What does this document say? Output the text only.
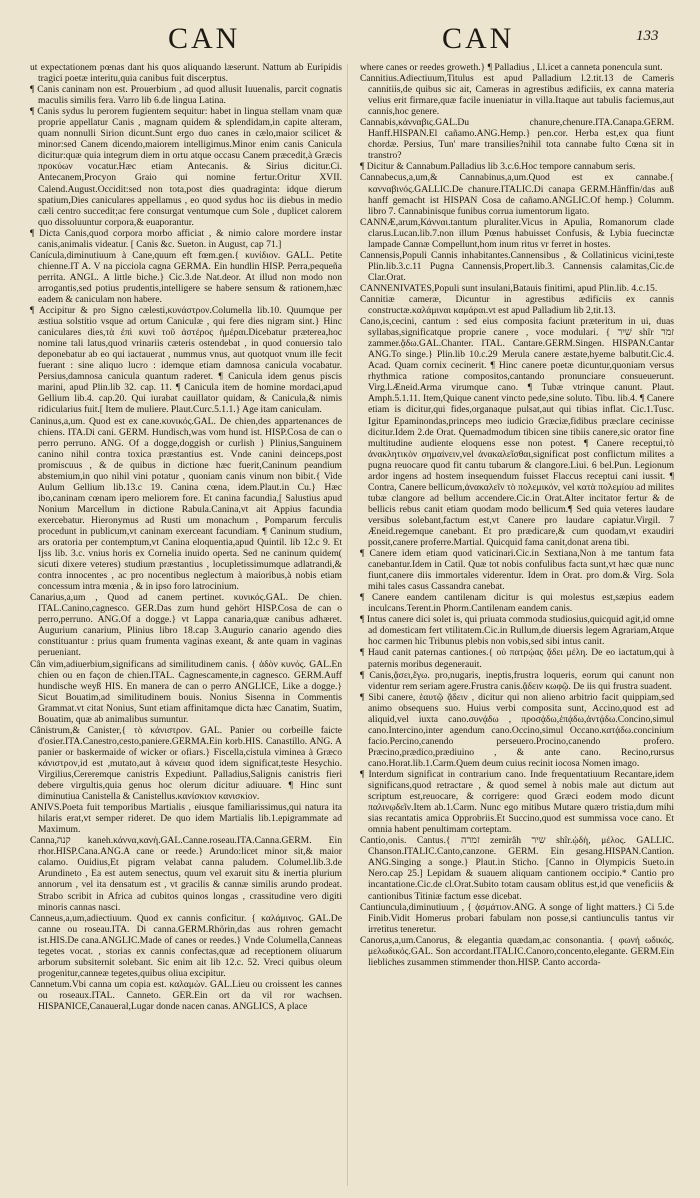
CAN	CAN	133

ut expectationem pœnas dant his quos aliquando læserunt. Nattum ab Euripidis tragici poetæ interitu,quia canibus fuit discerptus.

¶ Canis caninam non est. Prouerbium , ad quod allusit Iuuenalis, parcit cognatis maculis similis fera. Varro lib 6.de lingua Latina.

¶ Canis sydus lu perorem fugientem sequitur: habet in lingua stellam vnam quæ proprie appellatur Canis , magnam quidem & splendidam,in capite alteram, quam nonnulli Sirion dicunt.Sunt ergo duo canes in cælo,maior scilicet & minor:sed Canem dicendo,maiorem intelligimus.Minor enim canis Canicula dicitur:quæ quia integrum diem in ortu atque occasu Canem præcedit,à Græcis προκύων vocatur.Hæc etiam Antecanis. & Sirius dicitur.Ci. Antecanem,Procyon Graio qui nomine fertur.Oritur XVII. Calend.August.Occidit:sed non tota,post dies quadraginta: idque dierum spatium,Dies caniculares appellamus , eo quod sydus hoc iis diebus in medio cæli centro succedit;ac fere consurgat ventumque cum Sole , duplicet calorem quo dissoluuntur corpora,& euaporantur.

¶ Dicta Canis,quod corpora morbo afficiat , & nimio calore mordere instar canis,animalis videatur. [ Canis &c. Sueton. in August, cap 71.]

Canícula,diminutiuum à Cane,quum eft fœm.gen.{ κυνίδιον. GALL. Petite chienne.IT A. V na picciola cagna GERMA. Ein hundlin HISP. Perra,pequeña perrita. ANGL. A little biche.} Cic.3.de Nat.deor. At illud non modo non arrogantis,sed potius prudentis,intelligere se habere sensum & rationem,hæc eadem & caniculam non habere.

¶ Accipitur & pro Signo cælesti,κυνάστρον.Columella lib.10. Quumque per æstiua solstitio vsque ad ortum Caniculæ , qui fere dies nigram sint.} Hinc caniculares dies,τὰ ἐπὶ κυνὶ τοῦ ἀστέρος ἡμέραι.Dicebatur præterea,hoc nomine tali latus,quod vrinariis cæteris ostendebat , in quod conuersio talo deponebatur ab eo qui iactauerat , nummus vnus, aut quotquot vnum ille fecit fuerant : sine aliquo lucro : idemque etiam damnosa canicula vocabatur. Persius,damnosa canicula quantum raderet. ¶ Canicula idem genus piscis marini, apud Plin.lib 32. cap. 11. ¶ Canicula item de homine mordaci,apud Gellium lib.4. cap.20. Qui iurabat cauillator quidam, & Canicula,& nimis ridicularius fuit.[ Item de muliere. Plaut.Curc.5.1.1.} Age itam caniculam.

Caninus,a,um. Quod est ex cane.κυνικός.GAL. De chien,des appartenances de chiens. ITA.Di cani. GERM. Hundisch,was vom hund ist. HISP.Cosa de can o perro perruno. ANG. Of a dogge,doggish or curlish } Plinius,Sanguinem canino nihil contra toxica præstantius est. Vnde canini deinceps,post promiscuus , & de quibus in dictione hæc fuerit,Caninum peandium abstemium,in quo nihil vini potatur , quoniam canis vinum non bibit.{ Vide Aulum Gellium lib.13.c 19. Canina cœna, idem.Plaut.in Cu.} Hæc ibo,caninam cœnam ipero meliorem fore. Et canina facundia,[ Salustius apud Nonium Marcellum in dictione Rabula.Canina,vt ait Appius facundia exercebatur. Hieronymus ad Rusti um monachum , Pomparum ferculis procedunt in publicum,vt caninam exerceant facundiam. ¶ Caninum studium, ars oratoria per contemptum,vt Canina eloquentia,apud Quintil. lib 12.c 9. Et Ijss lib. 3.c. vnius horis ex Cornelia inuido operta. Sed ne caninum quidem( sicuti dixere veteres) studium præstantius , locupletissimumque adlatrandi,& contra innocentes , ac pro nocentibus neglectum à maioribus,à nobis etiam concessum intra mœnia , & in ipso foro latrocinium.

Canarius,a,um , Quod ad canem pertinet. κυνικός.GAL. De chien. ITAL.Canino,cagnesco. GER.Das zum hund gehört HISP.Cosa de can o perro,perruno. ANG.Of a dogge.} vt Lappa canaria,quæ canibus adhæret. Augurium canarium, Plinius libro 18.cap 3.Augurio canario agendo dies constituantur : prius quam frumenta vaginas exeant, & ante quam in vaginas perueniant.

Cân vim,adiuerbium,significans ad similitudinem canis. { ἀδὸν κυνός. GAL.En chien ou en façon de chien.ITAL. Cagnescamente,in cagnesco. GERM.Auff hundische weyß HIS. En manera de can o perro ANGLICE, Like a dogge.} Sicut Bouatim,ad similitudinem bouis. Nonius Sisenna in Commentis Grammat.vt citat Nonius, Sunt etiam affinitamque dicta hæc Canatim, Suatim, Bouatim, quæ ab animalibus sumuntur.

Cânistrum,& Canister,{ τὸ κάνιστρον. GAL. Panier ou corbeille faicte d'osier.ITA.Canestro,cesto,paniere.GERMA.Ein korb.HIS. Canastillo. ANG. A panier or baskermaide of wicker or ofiars.} Fiscella,cistula viminea à Græco κάνιστρον,id est ,mutato,aut à κάνεια quod idem significat,teste Hesychio. Virgilius,Cereremque canistris Expediunt. Palladius,Salignis canistris fieri debere virgultis,quia genus hoc olerum dicitur adiuuare. ¶ Hinc sunt diminutiua Canistella & Canistellus.κανίσκιον κανισκίον.

ANIVS.Poeta fuit temporibus Martialis , eiusque familiarissimus,qui natura ita hilaris erat,vt semper rideret. De quo idem Martialis lib.1.epigrammate ad Maximum.

Canna,קנה kaneh.κάννα,κανὴ.GAL.Canne.roseau.ITA.Canna.GERM. Ein rhor.HISP.Cana.ANG.A cane or reede.} Arundo:licet minor sit,& maior calamo. Ouidius,Et pigram velabat canna paludem. Columel.lib.3.de Arundineto , Ea est autem senectus, quum vel exaruit situ & inertia plurium annorum , vel ita densatum est , vt gracilis & cannæ similis arundo prodeat. Strabo scribit in Africa ad cubitos quinos longas , crassitudine vero digiti minoris cannas nasci.

Canneus,a,um,adiectiuum. Quod ex cannis conficitur. { καλάμινος. GAL.De canne ou roseau.ITA. Di canna.GERM.Rhörin,das aus rohren gemacht ist.HIS.De cana.ANGLIC.Made of canes or reedes.} Vnde Columella,Canneas tegetes vocat. , storias ex cannis confectas,quæ ad receptionem oliuarum arborum subsiternit solebant. Sic enim ait lib 12.c. 52. Vreci quibus oleum progenitur,canneæ tegetes,quibus oliua excipitur.

Cannetum.Vbi canna um copia est. καλαμὼν. GAL.Lieu ou croissent les cannes ou roseaux.ITAL. Canneto. GER.Ein ort da vil ror wachsen. HISPANICE,Canaueral,Lugar donde nacen canas. ANGLICS, A place

where canes or reedes groweth.} ¶ Palladius , Ll.icet a canneta ponencula sunt.

Cannitius.Adiectiuum,Titulus est apud Palladium l.2.tit.13 de Cameris cannitiis,de quibus sic ait, Cameras in agrestibus ædificiis, ex canna materia velius erit firmare,quæ facile inueniatur in villa.Itaque aut tabulis faciemus,aut cannis,hoc genere.

Cannabis,κάνναβις.GAL.Du chanure,chenure.ITA.Canapa.GERM. Hanff.HISPAN.El cañamo.ANG.Hemp.} pen.cor. Herba est,ex qua fiunt chordæ. Persius, Tun' mare transilies?nihil tota cannabe fulto Cœna sit in transtro?

¶ Dicitur & Cannabum.Palladius lib 3.c.6.Hoc tempore cannabum seris.

Cannabecus,a,um,& Cannabinus,a,um.Quod est ex cannabe.{ κανναβινός.GALLIC.De chanure.ITALIC.Di canapa GERM.Hänffin/das auß hanff gemacht ist HISPAN Cosa de cañamo.ANGLIC.Of hemp.} Columm. libro 7. Cannabinisque funibus corrua iumentorum ligato.

CANNÆ,arum,Κάνναι.tantum pluraliter.Vicus in Apulia, Romanorum clade clarus.Lucan.lib.7.non illum Pœnus habuisset Confusis, & Lybia fuecinctæ lampade Cannæ Compellunt,hom inum ritus vr ferret in hostes.

Cannensis,Populi Cannis inhabitantes.Cannensibus , & Collatinicus vicini,teste Plin.lib.3.c.11 Pugna Cannensis,Propert.lib.3. Cannensis calamitas,Cic.de Clar.Orat.

CANNENIVATES,Populi sunt insulani,Batauis finitimi, apud Plin.lib. 4.c.15.

Cannitiæ cameræ, Dicuntur in agrestibus ædificiis ex cannis constructæ.καλάμιναι καμάραι.vt est apud Palladium lib 2,tit.13.

Cano,is,cecini, cantum : sed eius composita faciunt præteritum in ui, duas syllabas,significatque proprie canere , voce modulari. { שִׁיר shîr זמר zammer.ᾄδω.GAL.Chanter. ITAL. Cantare.GERM.Singen. HISPAN.Cantar ANG.To singe.} Plin.lib 10.c.29 Merula canere æstate,hyeme balbutit.Cic.4. Acad. Quam cornix cecinerit. ¶ Hinc canere poetæ dicuntur,quoniam versus rhythmica ratione compositos,cantando pronunciare consueuerunt. Virg.l.Æneid.Arma virumque cano. ¶ Tubæ vtrinque canunt. Plaut. Amph.5.1.11. Item,Quique canent vincto pede,sine soluto. Tibu. lib.4. ¶ Canere etiam is dicitur,qui fides,organaque pulsat,aut qui tibias inflat. Cic.1.Tusc. Igitur Epaminondas,princeps meo iudicio Græciæ,fidibus præclare cecinisse dicitur.Idem 2.de Orat. Quemadmodum tibicen sine tibiis canere,sic orator fine multitudine audiente eloquens esse non potest. ¶ Canere receptui,τὸ ἀνακλητικὸν σημαίνειν,vel ἀνακαλεῖσθαι,significat post conflictum milites a pugna reuocare quod fit cantu tubarum & clangore.Liui. 6 bel.Pun. Legionum ardor ingens ad hostem insequendum fuisset Flaccus receptui cani iussit. ¶ Contra, Canere bellicum,ἀνακαλεῖν τὸ πολεμικόν, vel κατὰ πολεμίου ad milites tubæ clangore ad bellum accendere.Cic.in Orat.Alter incitator fertur & de bellicis rebus canit etiam quodam modo bellicum.¶ Sed quia veteres laudare versibus solebant,factum est,vt Canere pro laudare capiatur.Virgil. 7 Æneid.regemque canebant. Et pro prædicare,& cum quodam,vt exaudiri possit,canere proferre.Martial. Quicquid fama canit,donat arena tibi.

¶ Canere idem etiam quod vaticinari.Cic.in Sextiana,Non à me tantum fata canebantur.Idem in Catil. Quæ tot nobis confulibus facta sunt,vt hæc quæ nunc fiunt,canere diis immortales viderentur. Idem in Orat. pro dom.& Virg. Sola mihi tales casus Cassandra canebat.

¶ Canere eandem cantilenam dicitur is qui molestus est,sæpius eadem inculcans.Terent.in Phorm.Cantilenam eandem canis.

¶ Intus canere dici solet is, qui priuata commoda studiosius,quicquid agit,id omne ad domesticam fert vtilitatem.Cic.in Rullum,de diuersis legem Agrariam,Atque hoc carmen hic Tribunus plebis non vobis,sed sibi intus canit.

¶ Haud canit paternas cantiones.{ οὐ πατρῴας ᾄδει μέλη. De eo iactatum,qui à paternis moribus degenerauit.

¶ Canis,ᾄσει,ἔγω. pro,nugaris, ineptis,frustra loqueris, eorum qui canunt non videntur rem seriam agere.Frustra canis.ᾄδειν κωφῷ. De iis qui frustra suadent.

¶ Sibi canere, ἑαυτῷ ᾄδειν , dicitur qui non alieno arbitrio facit quippiam,sed animo obsequens suo. Huius verbi composita sunt, Accino,quod est ad aliquid,vel iuxta cano.συνᾴδω , προσᾴδω,ἐπᾴδω,ἀντᾴδω.Concino,simul cano.Intercino,inter agendum cano.Occino,simul Occano.κατᾴδω.concinium facio.Percino,canendo perseuero.Procino,canendo profero. Præcino,prædico,prædiuino , & ante cano. Recino,rursus cano.Horat.lib.1.Carm.Quem deum cuius recinit iocosa Nomen imago.

¶ Interdum significat in contrarium cano. Inde frequentatiuum Recantare,idem significans,quod retractare , & quod semel à nobis male aut dictum aut scriptum est,reuocare, & corrigere: quod Græci eodem modo dicunt παλινῳδεῖν.Item ab.1.Carm. Nunc ego mitibus Mutare quæro tristia,dum mihi sias recantatis amica Opprobriis.Et Succino,quod est summissa voce cano. Et omnia habent penultimam corteptam.

Cantio,onis. Cantus.{ זמרה zemirâh שיר shîr.ᾠδὴ, μέλος. GALLIC. Chanson.ITALIC.Canto,canzone. GERM. Ein gesang.HISPAN.Cantion. ANG.Singing a songe.} Plaut.in Sticho. [Canno in Olympicis Sueto.in Nero.cap 25.] Lepidam & suauem aliquam cantionem occipio.* Cantio pro incantatione.Cic.de cl.Orat.Subito totam causam oblitus est,id que veneficiis & cantionibus Titiniæ factum esse dicebat.

Cantiuncula,diminutiuum , { ᾀσμάτιον.ANG. A songe of light matters.} Ci 5.de Finib.Vidit Homerus probari fabulam non posse,si cantiunculis tantus vir irretitus teneretur.

Canorus,a,um.Canorus, & elegantia quædam,ac consonantia. { φωνή ωδικός. μελωδικός.GAL. Son accordant.ITALIC.Canoro,concento,elegante. GERM.Ein liebliches zusammen stimmender thon.HISP. Canto accorda-
